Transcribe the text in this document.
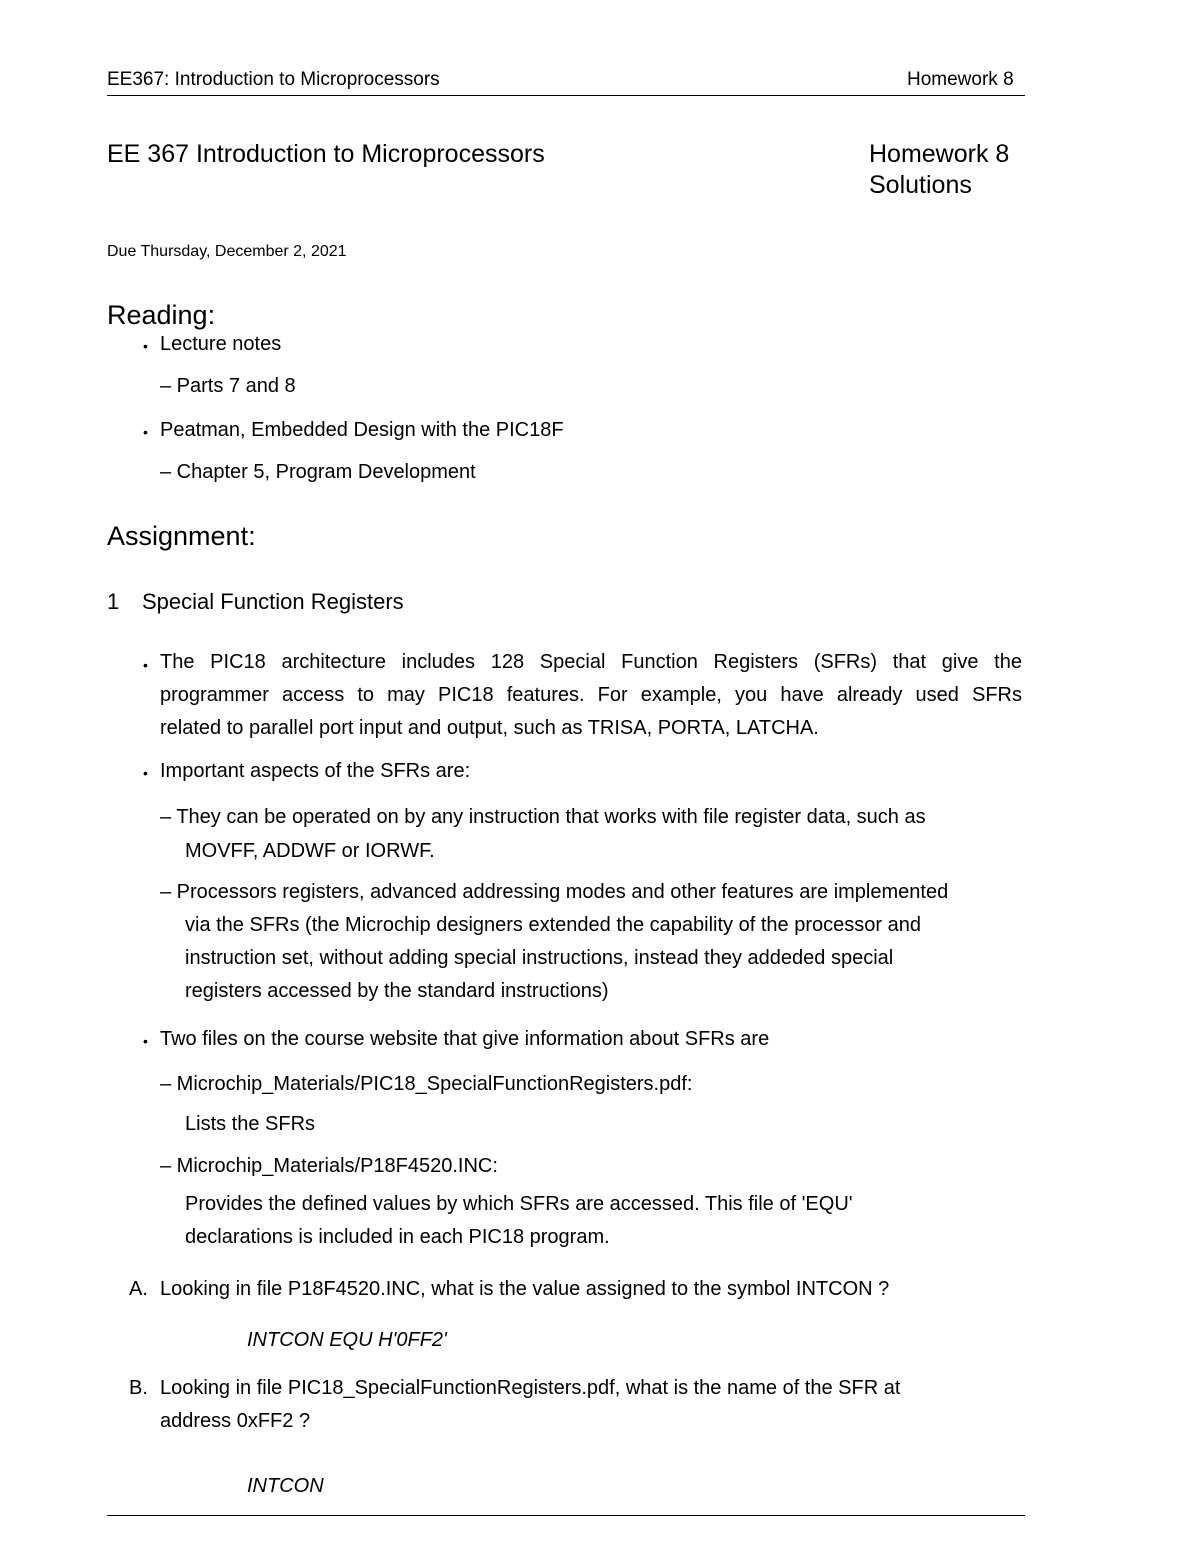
EE367: Introduction to Microprocessors	Homework 8
EE 367 Introduction to Microprocessors	Homework 8
Solutions
Due Thursday, December 2, 2021
Reading:
• Lecture notes
– Parts 7 and 8
• Peatman, Embedded Design with the PIC18F
– Chapter 5, Program Development
Assignment:
1 Special Function Registers
• The PIC18 architecture includes 128 Special Function Registers (SFRs) that give the
programmer access to may PIC18 features. For example, you have already used SFRs
related to parallel port input and output, such as TRISA, PORTA, LATCHA.
• Important aspects of the SFRs are:
– They can be operated on by any instruction that works with file register data, such as
MOVFF, ADDWF or IORWF.
– Processors registers, advanced addressing modes and other features are implemented
via the SFRs (the Microchip designers extended the capability of the processor and
instruction set, without adding special instructions, instead they addeded special
registers accessed by the standard instructions)
• Two files on the course website that give information about SFRs are
– Microchip_Materials/PIC18_SpecialFunctionRegisters.pdf:
Lists the SFRs
– Microchip_Materials/P18F4520.INC:
Provides the defined values by which SFRs are accessed. This file of 'EQU'
declarations is included in each PIC18 program.
A. Looking in file P18F4520.INC, what is the value assigned to the symbol INTCON ?
INTCON EQU H'0FF2'
B. Looking in file PIC18_SpecialFunctionRegisters.pdf, what is the name of the SFR at
address 0xFF2 ?
INTCON
